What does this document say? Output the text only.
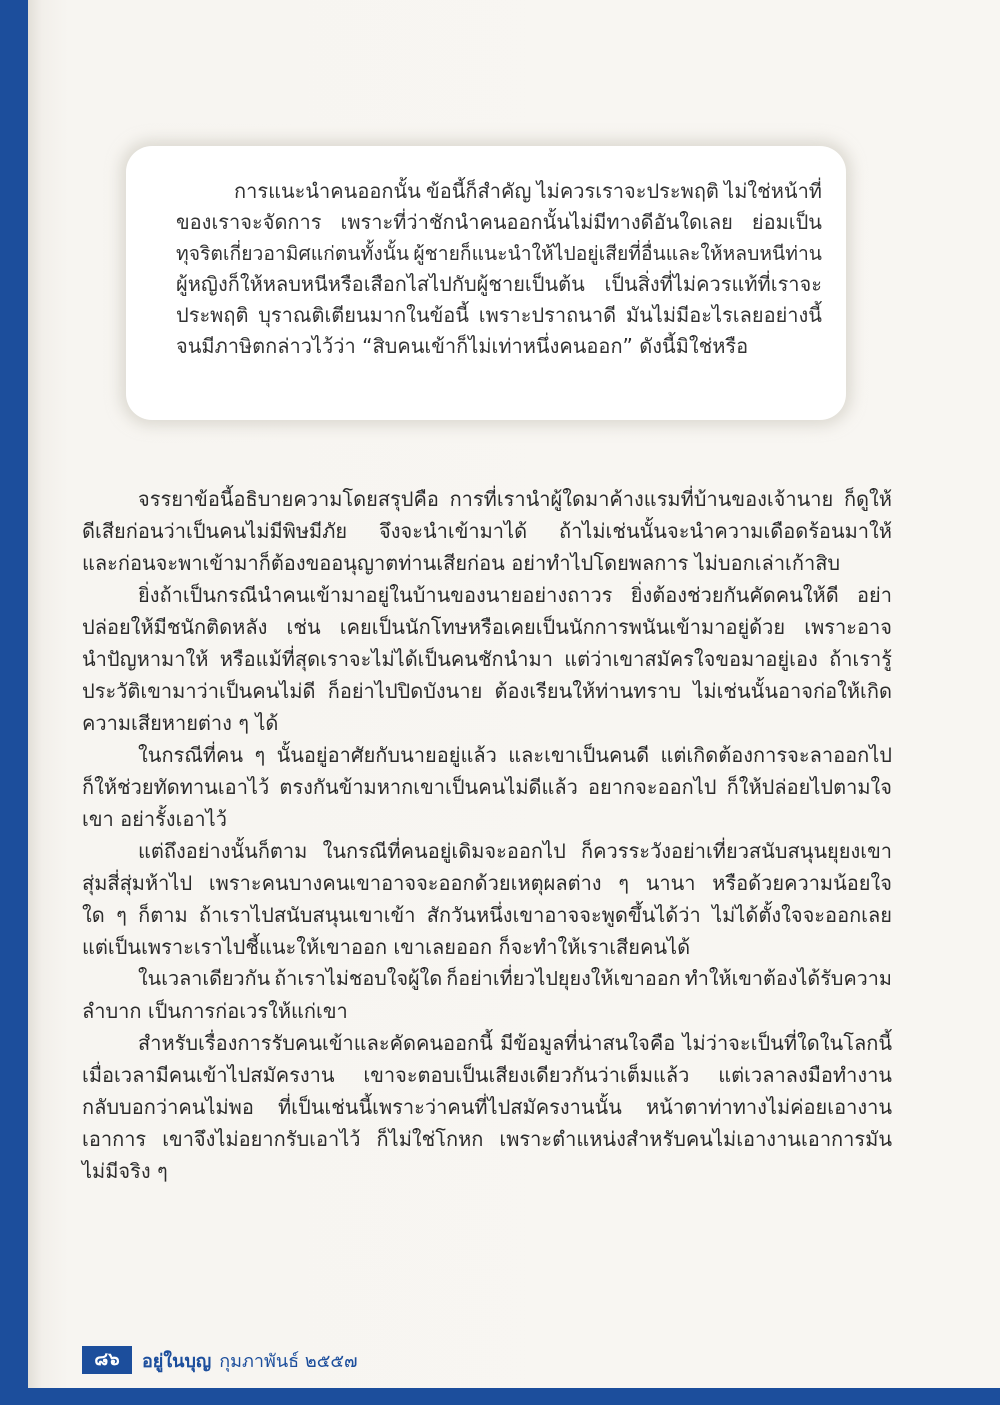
การแนะนำคนออกนั้น ข้อนี้ก็สำคัญ ไม่ควรเราจะประพฤติ ไม่ใช่หน้าที่
ของเราจะจัดการ เพราะที่ว่าชักนำคนออกนั้นไม่มีทางดีอันใดเลย ย่อมเป็น
ทุจริตเกี่ยวอามิศแก่ตนทั้งนั้น ผู้ชายก็แนะนำให้ไปอยู่เสียที่อื่นและให้หลบหนีท่าน
ผู้หญิงก็ให้หลบหนีหรือเสือกไสไปกับผู้ชายเป็นต้น เป็นสิ่งที่ไม่ควรแท้ที่เราจะ
ประพฤติ บุราณติเตียนมากในข้อนี้ เพราะปราถนาดี มันไม่มีอะไรเลยอย่างนี้
จนมีภาษิตกล่าวไว้ว่า “สิบคนเข้าก็ไม่เท่าหนึ่งคนออก” ดังนี้มิใช่หรือ
จรรยาข้อนี้อธิบายความโดยสรุปคือ การที่เรานำผู้ใดมาค้างแรมที่บ้านของเจ้านาย ก็ดูให้
ดีเสียก่อนว่าเป็นคนไม่มีพิษมีภัย จึงจะนำเข้ามาได้ ถ้าไม่เช่นนั้นจะนำความเดือดร้อนมาให้
และก่อนจะพาเข้ามาก็ต้องขออนุญาตท่านเสียก่อน อย่าทำไปโดยพลการ ไม่บอกเล่าเก้าสิบ
ยิ่งถ้าเป็นกรณีนำคนเข้ามาอยู่ในบ้านของนายอย่างถาวร ยิ่งต้องช่วยกันคัดคนให้ดี อย่า
ปล่อยให้มีชนักติดหลัง เช่น เคยเป็นนักโทษหรือเคยเป็นนักการพนันเข้ามาอยู่ด้วย เพราะอาจ
นำปัญหามาให้ หรือแม้ที่สุดเราจะไม่ได้เป็นคนชักนำมา แต่ว่าเขาสมัครใจขอมาอยู่เอง ถ้าเรารู้
ประวัติเขามาว่าเป็นคนไม่ดี ก็อย่าไปปิดบังนาย ต้องเรียนให้ท่านทราบ ไม่เช่นนั้นอาจก่อให้เกิด
ความเสียหายต่าง ๆ ได้
ในกรณีที่คน ๆ นั้นอยู่อาศัยกับนายอยู่แล้ว และเขาเป็นคนดี แต่เกิดต้องการจะลาออกไป
ก็ให้ช่วยทัดทานเอาไว้ ตรงกันข้ามหากเขาเป็นคนไม่ดีแล้ว อยากจะออกไป ก็ให้ปล่อยไปตามใจ
เขา อย่ารั้งเอาไว้
แต่ถึงอย่างนั้นก็ตาม ในกรณีที่คนอยู่เดิมจะออกไป ก็ควรระวังอย่าเที่ยวสนับสนุนยุยงเขา
สุ่มสี่สุ่มห้าไป เพราะคนบางคนเขาอาจจะออกด้วยเหตุผลต่าง ๆ นานา หรือด้วยความน้อยใจ
ใด ๆ ก็ตาม ถ้าเราไปสนับสนุนเขาเข้า สักวันหนึ่งเขาอาจจะพูดขึ้นได้ว่า ไม่ได้ตั้งใจจะออกเลย
แต่เป็นเพราะเราไปชี้แนะให้เขาออก เขาเลยออก ก็จะทำให้เราเสียคนได้
ในเวลาเดียวกัน ถ้าเราไม่ชอบใจผู้ใด ก็อย่าเที่ยวไปยุยงให้เขาออก ทำให้เขาต้องได้รับความ
ลำบาก เป็นการก่อเวรให้แก่เขา
สำหรับเรื่องการรับคนเข้าและคัดคนออกนี้ มีข้อมูลที่น่าสนใจคือ ไม่ว่าจะเป็นที่ใดในโลกนี้
เมื่อเวลามีคนเข้าไปสมัครงาน เขาจะตอบเป็นเสียงเดียวกันว่าเต็มแล้ว แต่เวลาลงมือทำงาน
กลับบอกว่าคนไม่พอ ที่เป็นเช่นนี้เพราะว่าคนที่ไปสมัครงานนั้น หน้าตาท่าทางไม่ค่อยเอางาน
เอาการ เขาจึงไม่อยากรับเอาไว้ ก็ไม่ใช่โกหก เพราะตำแหน่งสำหรับคนไม่เอางานเอาการมัน
ไม่มีจริง ๆ
๘๖	อยู่ในบุญ กุมภาพันธ์ ๒๕๕๗
